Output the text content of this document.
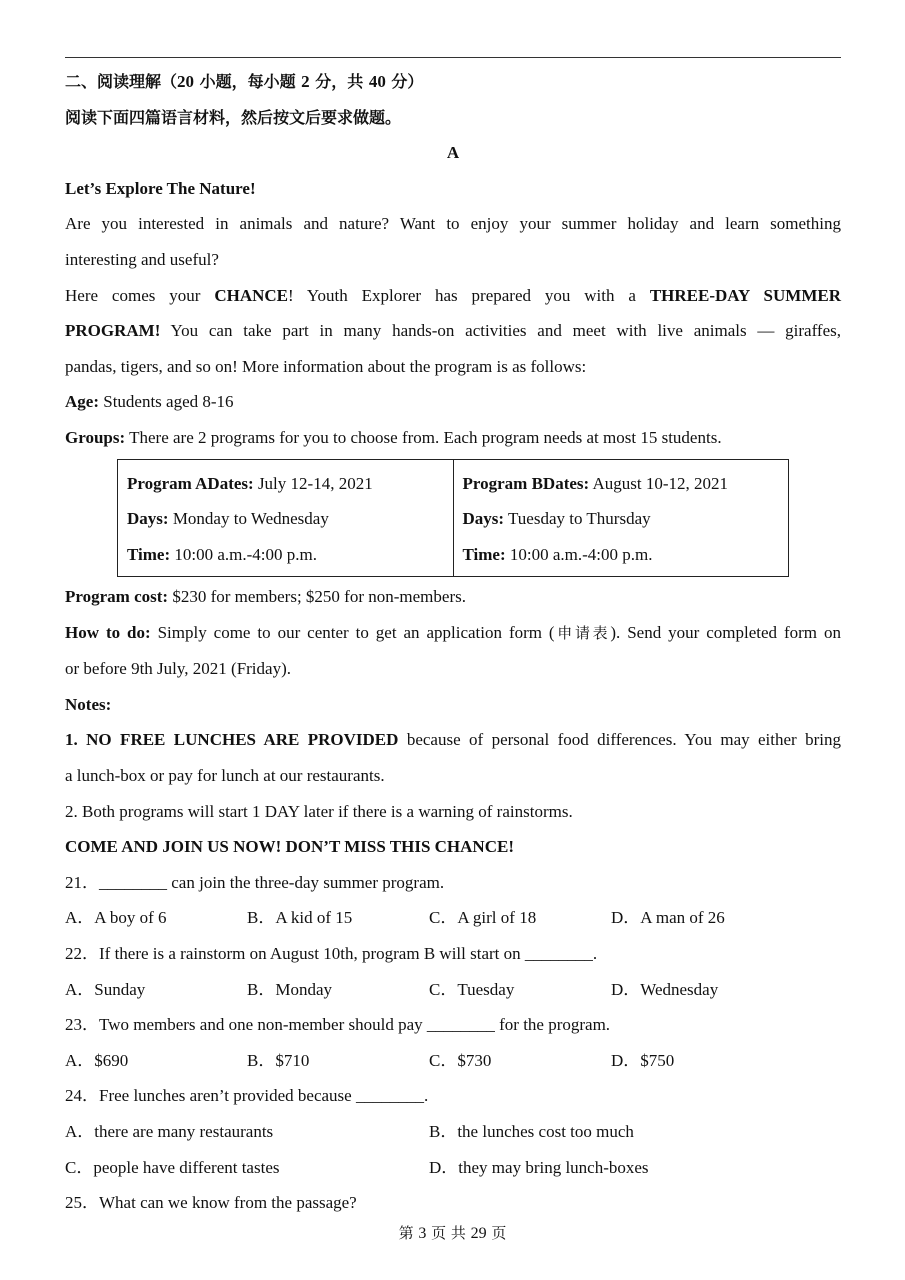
二、阅读理解（20 小题，每小题 2 分，共 40 分）

阅读下面四篇语言材料，然后按文后要求做题。

A

Let’s Explore The Nature!

Are you interested in animals and nature? Want to enjoy your summer holiday and learn something

interesting and useful?

Here comes your CHANCE! Youth Explorer has prepared you with a THREE-DAY SUMMER

PROGRAM! You can take part in many hands-on activities and meet with live animals — giraffes,

pandas, tigers, and so on! More information about the program is as follows:

Age: Students aged 8-16

Groups: There are 2 programs for you to choose from. Each program needs at most 15 students.

Program ADates: July 12-14, 2021
Days: Monday to Wednesday
Time: 10:00 a.m.-4:00 p.m.

Program BDates: August 10-12, 2021
Days: Tuesday to Thursday
Time: 10:00 a.m.-4:00 p.m.

Program cost: $230 for members; $250 for non-members.

How to do: Simply come to our center to get an application form (申请表). Send your completed form on

or before 9th July, 2021 (Friday).

Notes:

1. NO FREE LUNCHES ARE PROVIDED because of personal food differences. You may either bring

a lunch-box or pay for lunch at our restaurants.

2. Both programs will start 1 DAY later if there is a warning of rainstorms.

COME AND JOIN US NOW! DON’T MISS THIS CHANCE!

21．________ can join the three-day summer program.

A．A boy of 6	B．A kid of 15	C．A girl of 18	D．A man of 26

22．If there is a rainstorm on August 10th, program B will start on ________.

A．Sunday	B．Monday	C．Tuesday	D．Wednesday

23．Two members and one non-member should pay ________ for the program.

A．$690	B．$710	C．$730	D．$750

24．Free lunches aren’t provided because ________.

A．there are many restaurants	B．the lunches cost too much
C．people have different tastes	D．they may bring lunch-boxes

25．What can we know from the passage?

第 3 页 共 29 页
